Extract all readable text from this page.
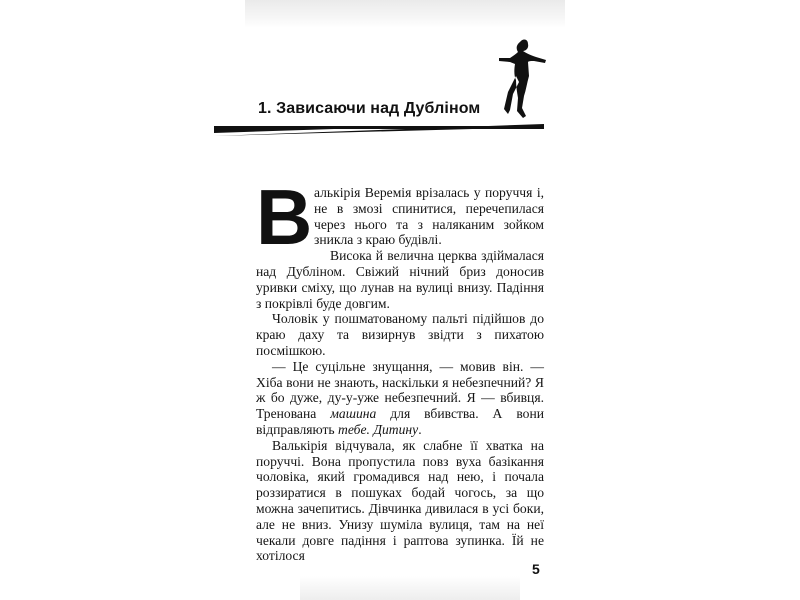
1. Зависаючи над Дубліном
В алькірія Веремія врізалась у поруччя і, не в змозі спинитися, перечепилася через нього та з наляканим зойком зникла з краю будівлі.

Висока й велична церква здіймалася над Дубліном. Свіжий нічний бриз доносив уривки сміху, що лунав на вулиці внизу. Падіння з покрівлі буде довгим.

Чоловік у пошматованому пальті підійшов до краю даху та визирнув звідти з пихатою посмішкою.

— Це суцільне знущання, — мовив він. — Хіба вони не знають, наскільки я небезпечний? Я ж бо дуже, ду-у-уже небезпечний. Я — вбивця. Тренована машина для вбивства. А вони відправляють тебе. Дитину.

Валькірія відчувала, як слабне її хватка на поруччі. Вона пропустила повз вуха базікання чоловіка, який громадився над нею, і почала роззиратися в пошуках бодай чогось, за що можна зачепитись. Дівчинка дивилася в усі боки, але не вниз. Унизу шуміла вулиця, там на неї чекали довге падіння і раптова зупинка. Їй не хотілося

5
